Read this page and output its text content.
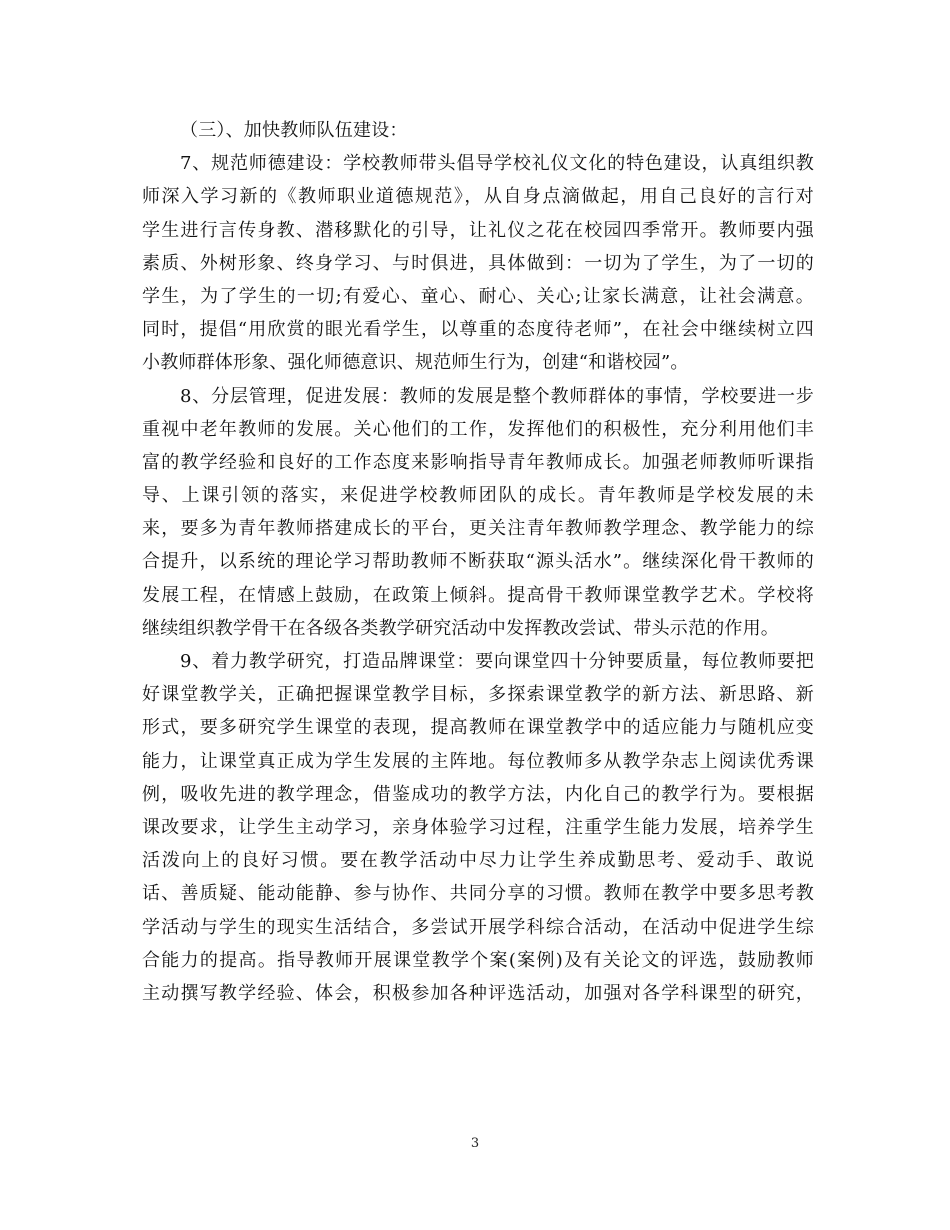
（三）、加快教师队伍建设：
7、规范师德建设：学校教师带头倡导学校礼仪文化的特色建设，认真组织教
师深入学习新的《教师职业道德规范》，从自身点滴做起，用自己良好的言行对
学生进行言传身教、潜移默化的引导，让礼仪之花在校园四季常开。教师要内强
素质、外树形象、终身学习、与时俱进，具体做到：一切为了学生，为了一切的
学生，为了学生的一切;有爱心、童心、耐心、关心;让家长满意，让社会满意。
同时，提倡“用欣赏的眼光看学生，以尊重的态度待老师”，在社会中继续树立四
小教师群体形象、强化师德意识、规范师生行为，创建“和谐校园”。
8、分层管理，促进发展：教师的发展是整个教师群体的事情，学校要进一步
重视中老年教师的发展。关心他们的工作，发挥他们的积极性，充分利用他们丰
富的教学经验和良好的工作态度来影响指导青年教师成长。加强老师教师听课指
导、上课引领的落实，来促进学校教师团队的成长。青年教师是学校发展的未
来，要多为青年教师搭建成长的平台，更关注青年教师教学理念、教学能力的综
合提升，以系统的理论学习帮助教师不断获取“源头活水”。继续深化骨干教师的
发展工程，在情感上鼓励，在政策上倾斜。提高骨干教师课堂教学艺术。学校将
继续组织教学骨干在各级各类教学研究活动中发挥教改尝试、带头示范的作用。
9、着力教学研究，打造品牌课堂：要向课堂四十分钟要质量，每位教师要把
好课堂教学关，正确把握课堂教学目标，多探索课堂教学的新方法、新思路、新
形式，要多研究学生课堂的表现，提高教师在课堂教学中的适应能力与随机应变
能力，让课堂真正成为学生发展的主阵地。每位教师多从教学杂志上阅读优秀课
例，吸收先进的教学理念，借鉴成功的教学方法，内化自己的教学行为。要根据
课改要求，让学生主动学习，亲身体验学习过程，注重学生能力发展，培养学生
活泼向上的良好习惯。要在教学活动中尽力让学生养成勤思考、爱动手、敢说
话、善质疑、能动能静、参与协作、共同分享的习惯。教师在教学中要多思考教
学活动与学生的现实生活结合，多尝试开展学科综合活动，在活动中促进学生综
合能力的提高。指导教师开展课堂教学个案(案例)及有关论文的评选，鼓励教师
主动撰写教学经验、体会，积极参加各种评选活动，加强对各学科课型的研究，
3
